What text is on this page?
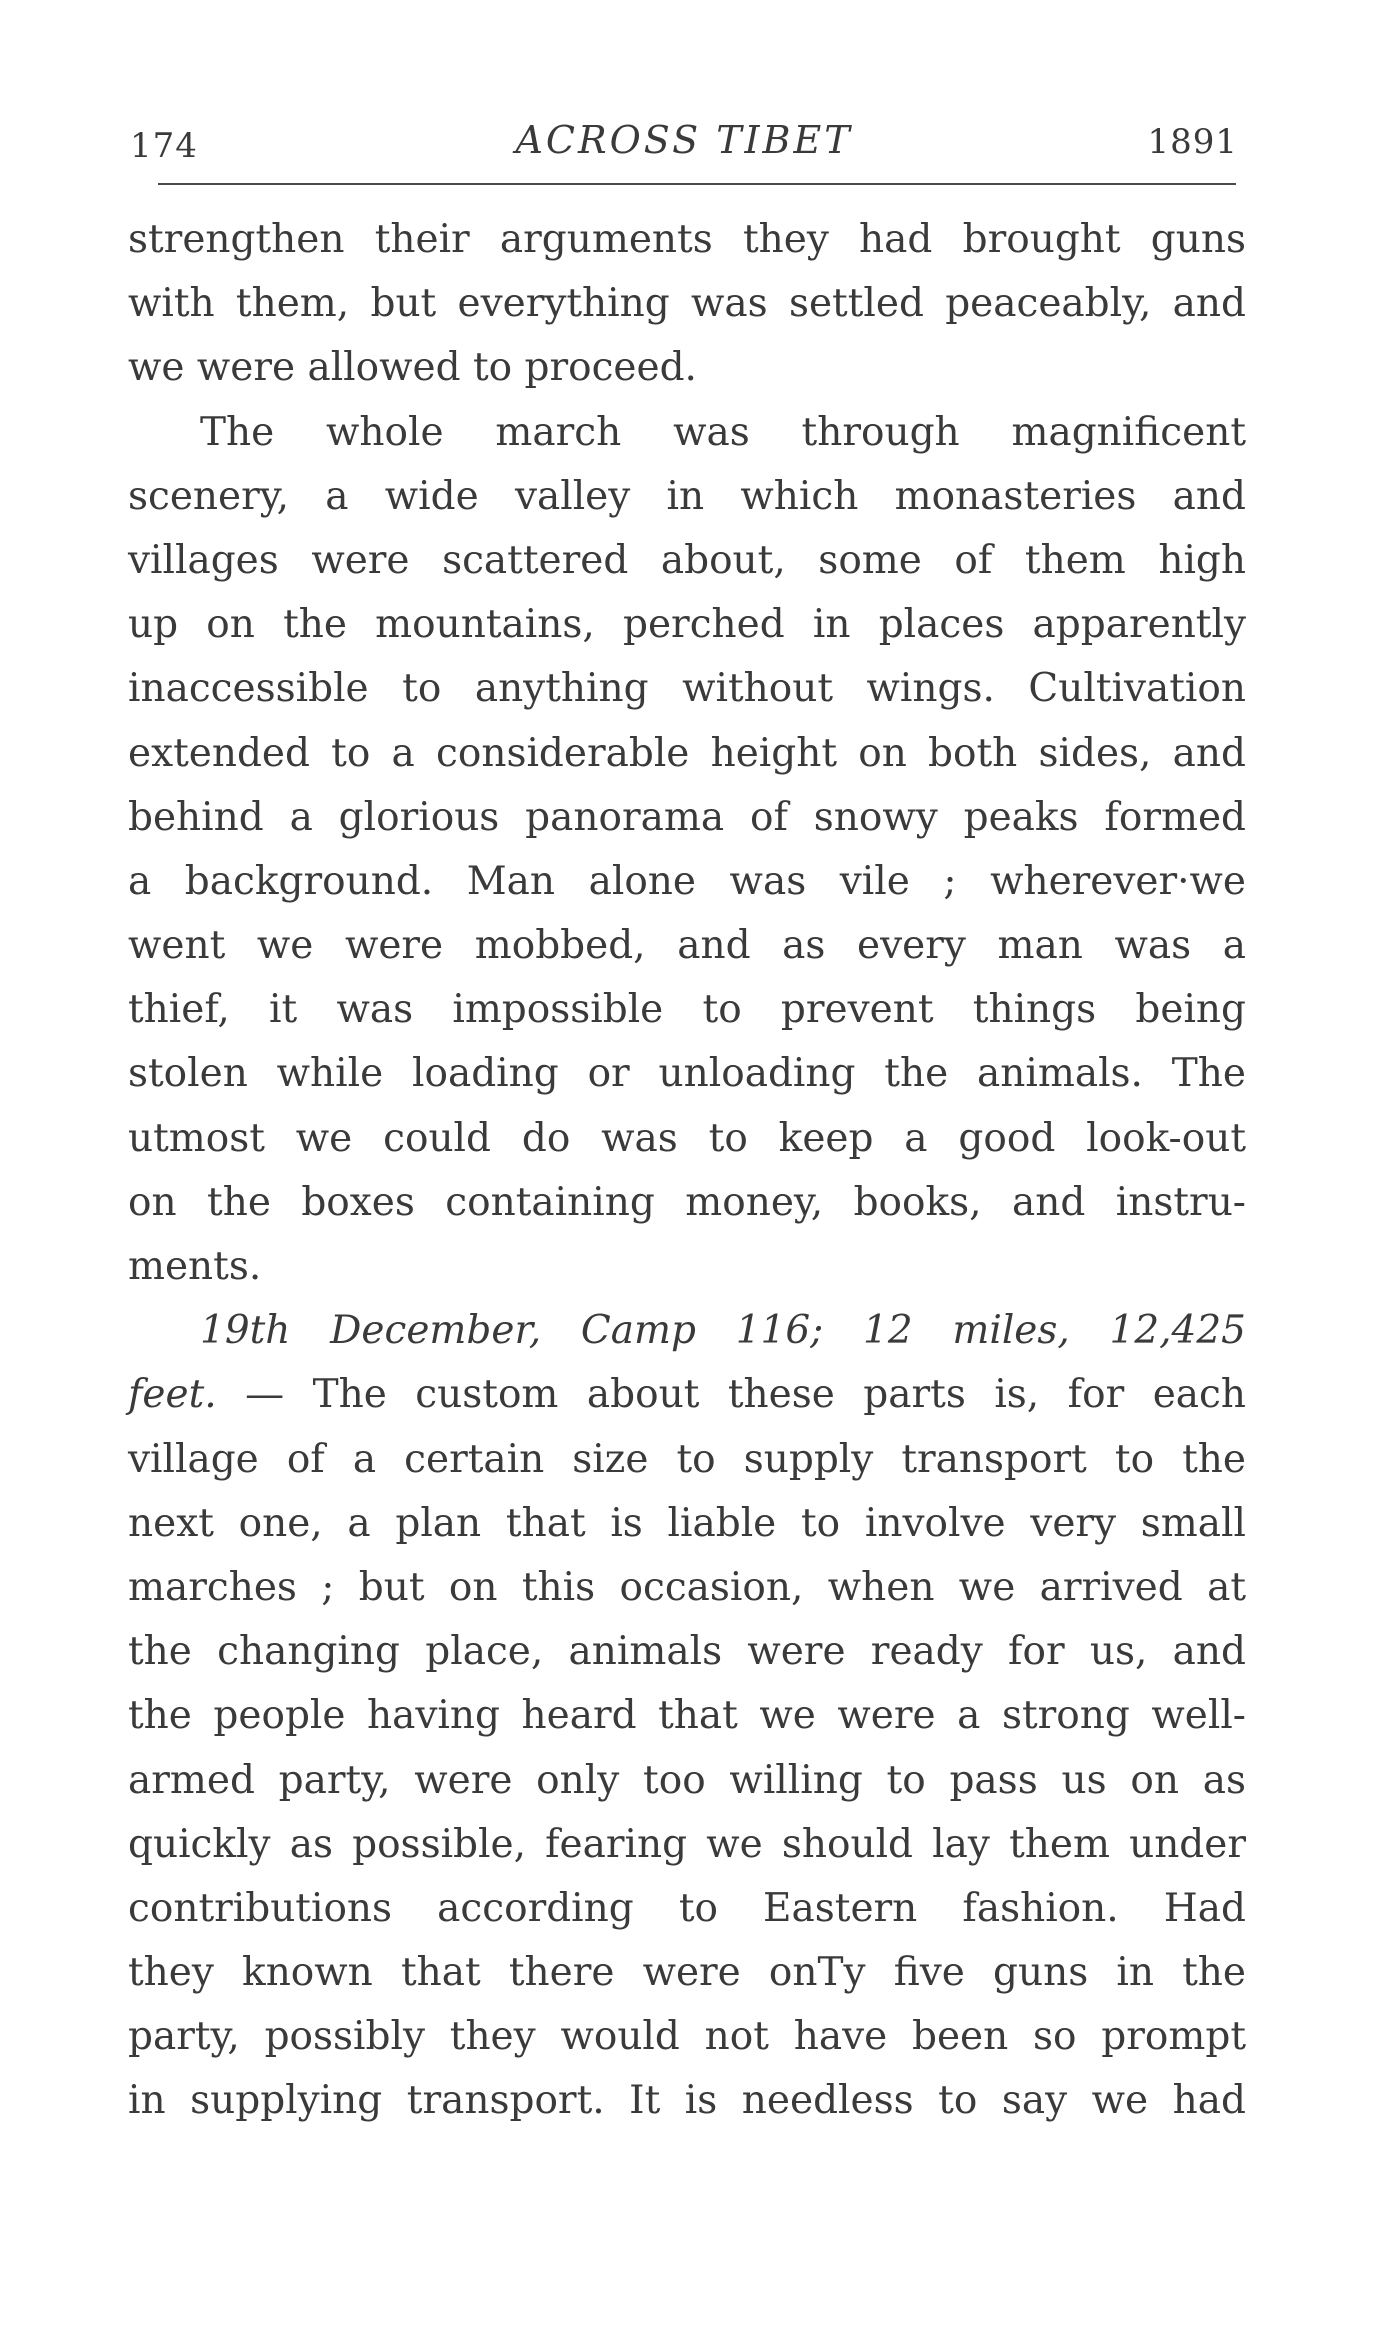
174	ACROSS TIBET	1891
strengthen their arguments they had brought guns
with them, but everything was settled peaceably, and
we were allowed to proceed.
The whole march was through magnificent
scenery, a wide valley in which monasteries and
villages were scattered about, some of them high
up on the mountains, perched in places apparently
inaccessible to anything without wings. Cultivation
extended to a considerable height on both sides, and
behind a glorious panorama of snowy peaks formed
a background. Man alone was vile ; wherever·we
went we were mobbed, and as every man was a
thief, it was impossible to prevent things being
stolen while loading or unloading the animals. The
utmost we could do was to keep a good look-out
on the boxes containing money, books, and instru-
ments.
19th December, Camp 116; 12 miles, 12,425
feet. — The custom about these parts is, for each
village of a certain size to supply transport to the
next one, a plan that is liable to involve very small
marches ; but on this occasion, when we arrived at
the changing place, animals were ready for us, and
the people having heard that we were a strong well-
armed party, were only too willing to pass us on as
quickly as possible, fearing we should lay them under
contributions according to Eastern fashion. Had
they known that there were onTy five guns in the
party, possibly they would not have been so prompt
in supplying transport. It is needless to say we had
